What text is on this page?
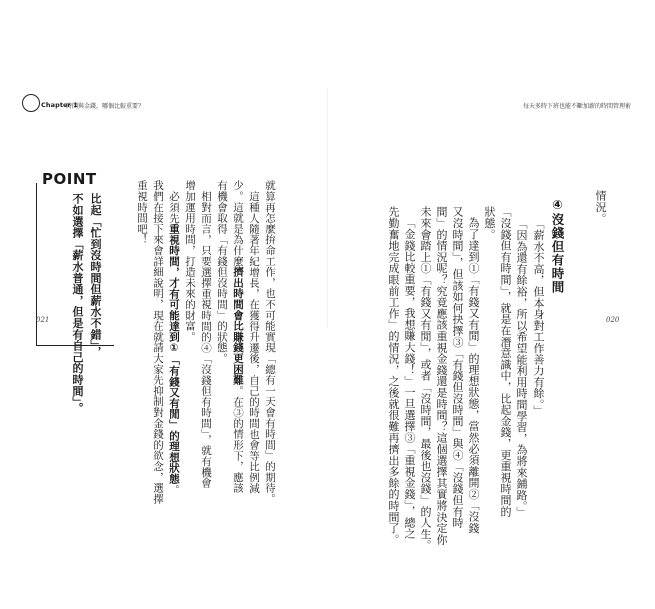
Chapter 1
時間與金錢，哪個比較重要？	每天多時下班也能不斷加薪的時間管理術
情況。
④沒錢但有時間
「薪水不高，但本身對工作善力有餘。」
「因為還有餘裕，所以希望能利用時間學習，為將來鋪路。」
「沒錢但有時間」，就是在潛意識中，比起金錢，更重視時間的
狀態。
為了達到①「有錢又有閒」的理想狀態，當然必須離開②「沒錢
又沒時間」，但該如何抉擇③「有錢但沒時間」與④「沒錢但有時
間」的情況呢？究竟應該重視金錢還是時間？這個選擇其實將決定你
未來會踏上①「有錢又有閒」，或者「沒時間，最後也沒錢」的人生。
「金錢比較重要，我想賺大錢！」一旦選擇③「重視金錢」，總之
先勤奮地完成眼前工作」的情況，之後就很難再擠出多餘的時間了。	020
就算再怎麼拚命工作，也不可能實現「總有一天會有時間」的期待。
這種人隨著年紀增長，在獲得升遷後，自己的時間也會等比例減
少。這就是為什麼擠出時間會比賺錢更困難。在③的情形下，應該
有機會取得「有錢但沒時間」的狀態。
相對而言，只要選擇重視時間的④「沒錢但有時間」，就有機會
增加運用時間，打造未來的財富。
必須先重視時間，才有可能達到①「有錢又有閒」的理想狀態。
我們在接下來會詳細說明，現在就請大家先抑制對金錢的欲念，選擇
重視時間吧！
POINT
比起「忙到沒時間但薪水不錯」，
不如選擇「薪水普通，但是有自己的時間」。
021
